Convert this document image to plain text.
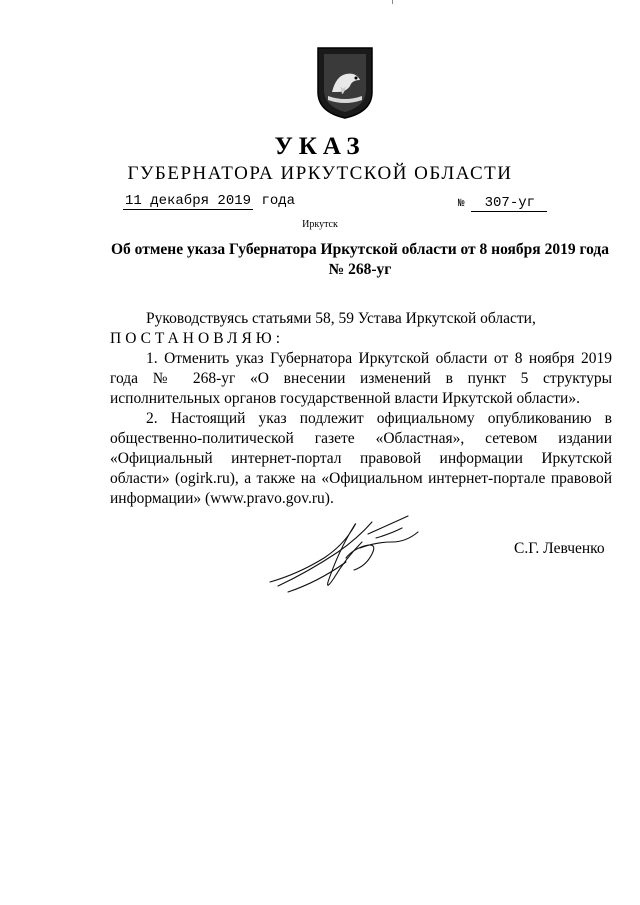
УКАЗ
ГУБЕРНАТОРА ИРКУТСКОЙ ОБЛАСТИ
11 декабря 2019 года	№ 307-уг
Иркутск
Об отмене указа Губернатора Иркутской области от 8 ноября 2019 года
№ 268-уг

Руководствуясь статьями 58, 59 Устава Иркутской области,

ПОСТАНОВЛЯЮ:

1. Отменить указ Губернатора Иркутской области от 8 ноября 2019 года № 268-уг «О внесении изменений в пункт 5 структуры исполнительных органов государственной власти Иркутской области».

2. Настоящий указ подлежит официальному опубликованию в общественно-политической газете «Областная», сетевом издании «Официальный интернет-портал правовой информации Иркутской области» (ogirk.ru), а также на «Официальном интернет-портале правовой информации» (www.pravo.gov.ru).

С.Г. Левченко
